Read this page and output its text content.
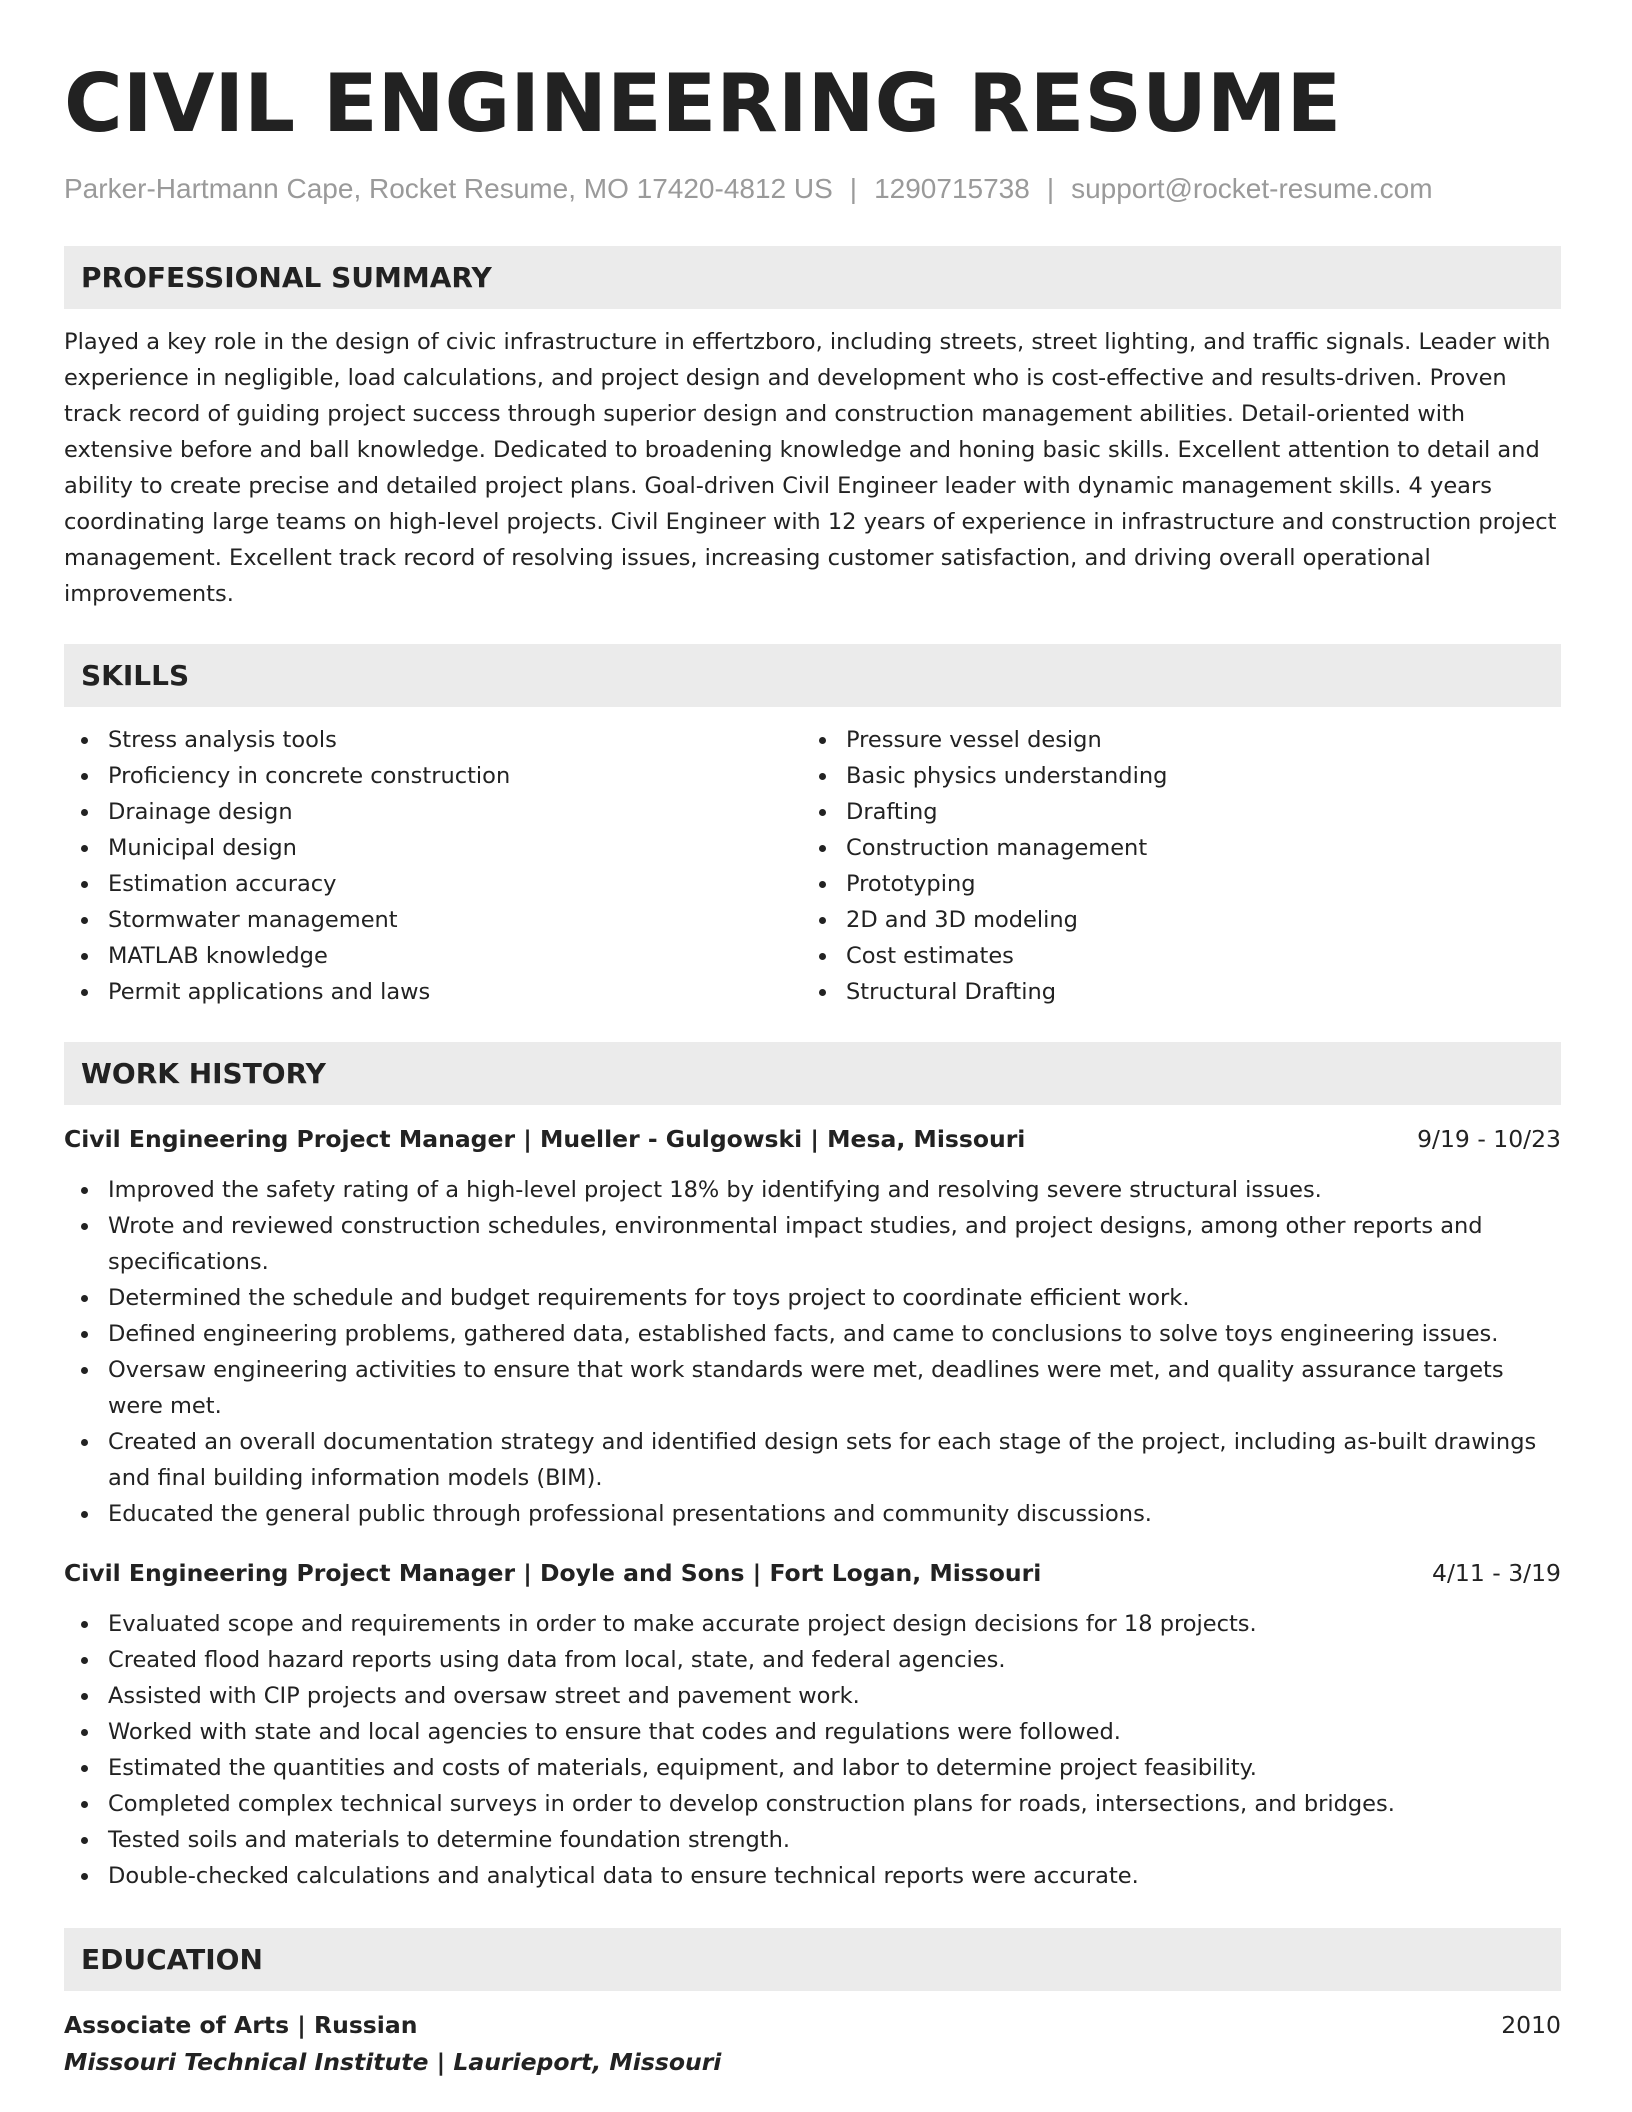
CIVIL ENGINEERING RESUME
Parker-Hartmann Cape, Rocket Resume, MO 17420-4812 US | 1290715738 | support@rocket-resume.com
PROFESSIONAL SUMMARY
Played a key role in the design of civic infrastructure in effertzboro, including streets, street lighting, and traffic signals. Leader with experience in negligible, load calculations, and project design and development who is cost-effective and results-driven. Proven track record of guiding project success through superior design and construction management abilities. Detail-oriented with extensive before and ball knowledge. Dedicated to broadening knowledge and honing basic skills. Excellent attention to detail and ability to create precise and detailed project plans. Goal-driven Civil Engineer leader with dynamic management skills. 4 years coordinating large teams on high-level projects. Civil Engineer with 12 years of experience in infrastructure and construction project management. Excellent track record of resolving issues, increasing customer satisfaction, and driving overall operational improvements.
SKILLS
Stress analysis tools
Proficiency in concrete construction
Drainage design
Municipal design
Estimation accuracy
Stormwater management
MATLAB knowledge
Permit applications and laws
Pressure vessel design
Basic physics understanding
Drafting
Construction management
Prototyping
2D and 3D modeling
Cost estimates
Structural Drafting
WORK HISTORY
Civil Engineering Project Manager | Mueller - Gulgowski | Mesa, Missouri	9/19 - 10/23
Improved the safety rating of a high-level project 18% by identifying and resolving severe structural issues.
Wrote and reviewed construction schedules, environmental impact studies, and project designs, among other reports and specifications.
Determined the schedule and budget requirements for toys project to coordinate efficient work.
Defined engineering problems, gathered data, established facts, and came to conclusions to solve toys engineering issues.
Oversaw engineering activities to ensure that work standards were met, deadlines were met, and quality assurance targets were met.
Created an overall documentation strategy and identified design sets for each stage of the project, including as-built drawings and final building information models (BIM).
Educated the general public through professional presentations and community discussions.
Civil Engineering Project Manager | Doyle and Sons | Fort Logan, Missouri	4/11 - 3/19
Evaluated scope and requirements in order to make accurate project design decisions for 18 projects.
Created flood hazard reports using data from local, state, and federal agencies.
Assisted with CIP projects and oversaw street and pavement work.
Worked with state and local agencies to ensure that codes and regulations were followed.
Estimated the quantities and costs of materials, equipment, and labor to determine project feasibility.
Completed complex technical surveys in order to develop construction plans for roads, intersections, and bridges.
Tested soils and materials to determine foundation strength.
Double-checked calculations and analytical data to ensure technical reports were accurate.
EDUCATION
Associate of Arts | Russian	2010
Missouri Technical Institute | Laurieport, Missouri
